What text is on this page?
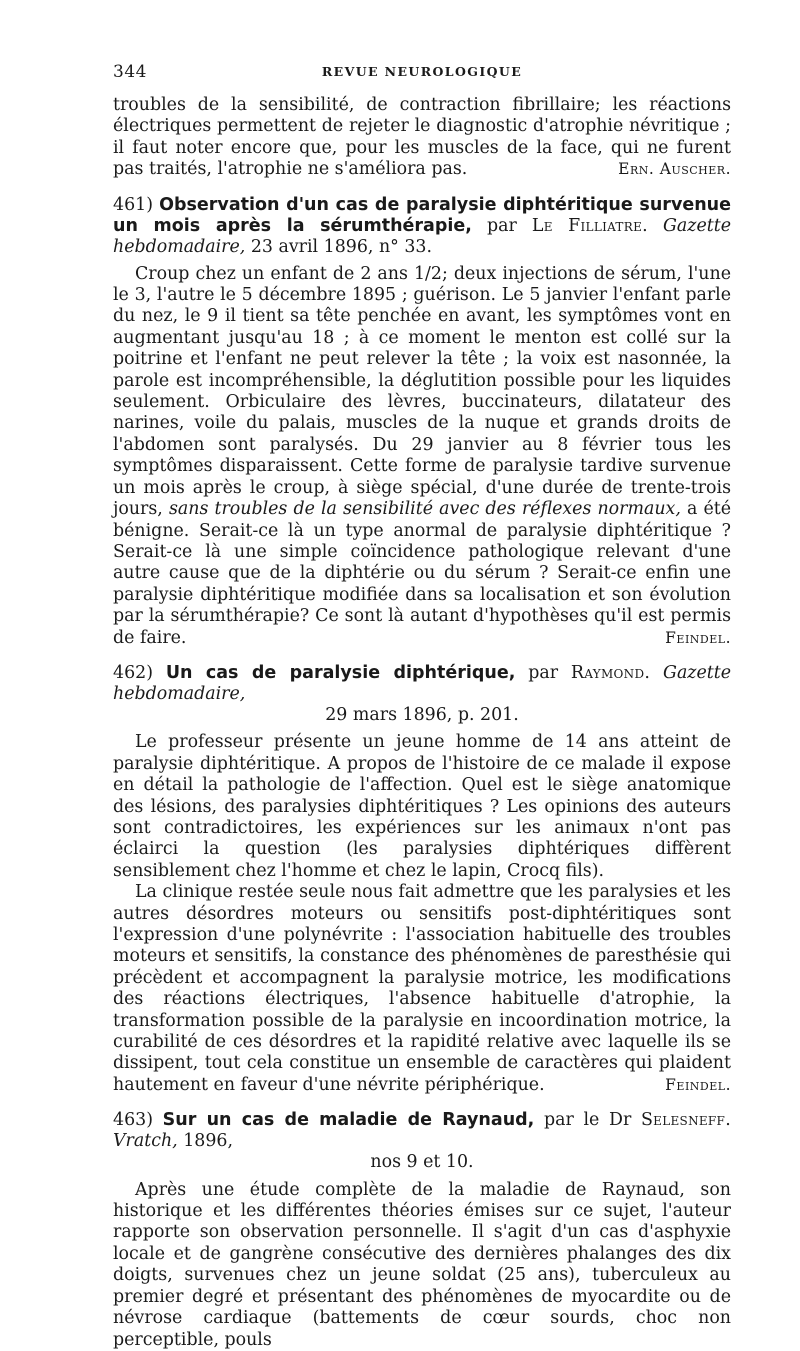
344	REVUE NEUROLOGIQUE

troubles de la sensibilité, de contraction fibrillaire; les réactions électriques permettent de rejeter le diagnostic d'atrophie névritique ; il faut noter encore que, pour les muscles de la face, qui ne furent pas traités, l'atrophie ne s'améliora pas.	Ern. Auscher.

461) Observation d'un cas de paralysie diphtéritique survenue un mois après la sérumthérapie, par Le Filliatre. Gazette hebdomadaire, 23 avril 1896, n° 33.

Croup chez un enfant de 2 ans 1/2; deux injections de sérum, l'une le 3, l'autre le 5 décembre 1895 ; guérison. Le 5 janvier l'enfant parle du nez, le 9 il tient sa tête penchée en avant, les symptômes vont en augmentant jusqu'au 18 ; à ce moment le menton est collé sur la poitrine et l'enfant ne peut relever la tête ; la voix est nasonnée, la parole est incompréhensible, la déglutition possible pour les liquides seulement. Orbiculaire des lèvres, buccinateurs, dilatateur des narines, voile du palais, muscles de la nuque et grands droits de l'abdomen sont paralysés. Du 29 janvier au 8 février tous les symptômes disparaissent. Cette forme de paralysie tardive survenue un mois après le croup, à siège spécial, d'une durée de trente-trois jours, sans troubles de la sensibilité avec des réflexes normaux, a été bénigne. Serait-ce là un type anormal de paralysie diphtéritique ? Serait-ce là une simple coïncidence pathologique relevant d'une autre cause que de la diphtérie ou du sérum ? Serait-ce enfin une paralysie diphtéritique modifiée dans sa localisation et son évolution par la sérumthérapie? Ce sont là autant d'hypothèses qu'il est permis de faire.	Feindel.

462) Un cas de paralysie diphtérique, par Raymond. Gazette hebdomadaire,

29 mars 1896, p. 201.

Le professeur présente un jeune homme de 14 ans atteint de paralysie diphtéritique. A propos de l'histoire de ce malade il expose en détail la pathologie de l'affection. Quel est le siège anatomique des lésions, des paralysies diphtéritiques ? Les opinions des auteurs sont contradictoires, les expériences sur les animaux n'ont pas éclairci la question (les paralysies diphtériques diffèrent sensiblement chez l'homme et chez le lapin, Crocq fils).

La clinique restée seule nous fait admettre que les paralysies et les autres désordres moteurs ou sensitifs post-diphtéritiques sont l'expression d'une polynévrite : l'association habituelle des troubles moteurs et sensitifs, la constance des phénomènes de paresthésie qui précèdent et accompagnent la paralysie motrice, les modifications des réactions électriques, l'absence habituelle d'atrophie, la transformation possible de la paralysie en incoordination motrice, la curabilité de ces désordres et la rapidité relative avec laquelle ils se dissipent, tout cela constitue un ensemble de caractères qui plaident hautement en faveur d'une névrite périphérique.	Feindel.

463) Sur un cas de maladie de Raynaud, par le Dr Selesneff. Vratch, 1896,

nos 9 et 10.

Après une étude complète de la maladie de Raynaud, son historique et les différentes théories émises sur ce sujet, l'auteur rapporte son observation personnelle. Il s'agit d'un cas d'asphyxie locale et de gangrène consécutive des dernières phalanges des dix doigts, survenues chez un jeune soldat (25 ans), tuberculeux au premier degré et présentant des phénomènes de myocardite ou de névrose cardiaque (battements de cœur sourds, choc non perceptible, pouls
